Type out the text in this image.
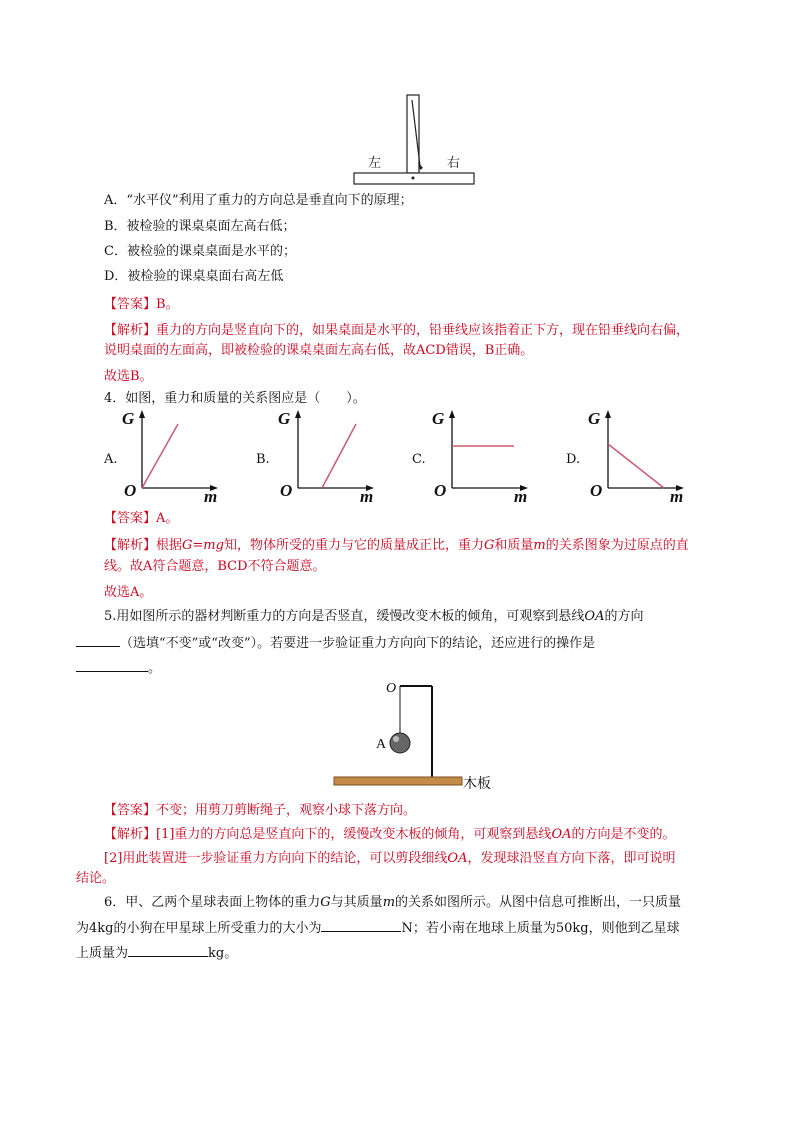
左	右
A．“水平仪”利用了重力的方向总是垂直向下的原理；
B．被检验的课桌桌面左高右低；
C．被检验的课桌桌面是水平的；
D．被检验的课桌桌面右高左低
【答案】B。
【解析】重力的方向是竖直向下的，如果桌面是水平的，铅垂线应该指着正下方，现在铅垂线向右偏，
说明桌面的左面高，即被检验的课桌桌面左高右低，故ACD错误，B正确。
故选B。
4．如图，重力和质量的关系图应是（　　）。
A.
G
O	m
B.
G
O	m
C.
G
O	m
D.
G
O	m
【答案】A。
【解析】根据G=mg知，物体所受的重力与它的质量成正比，重力G和质量m的关系图象为过原点的直
线。故A符合题意，BCD不符合题意。
故选A。
5.用如图所示的器材判断重力的方向是否竖直，缓慢改变木板的倾角，可观察到悬线OA的方向
（选填“不变”或“改变”）。若要进一步验证重力方向向下的结论，还应进行的操作是
。
O
A
木板
【答案】不变；用剪刀剪断绳子，观察小球下落方向。
【解析】[1]重力的方向总是竖直向下的，缓慢改变木板的倾角，可观察到悬线OA的方向是不变的。
[2]用此装置进一步验证重力方向向下的结论，可以剪段细线OA，发现球沿竖直方向下落，即可说明
结论。
6．甲、乙两个星球表面上物体的重力G与其质量m的关系如图所示。从图中信息可推断出，一只质量
为4kg的小狗在甲星球上所受重力的大小为	N；若小南在地球上质量为50kg，则他到乙星球
上质量为	kg。
